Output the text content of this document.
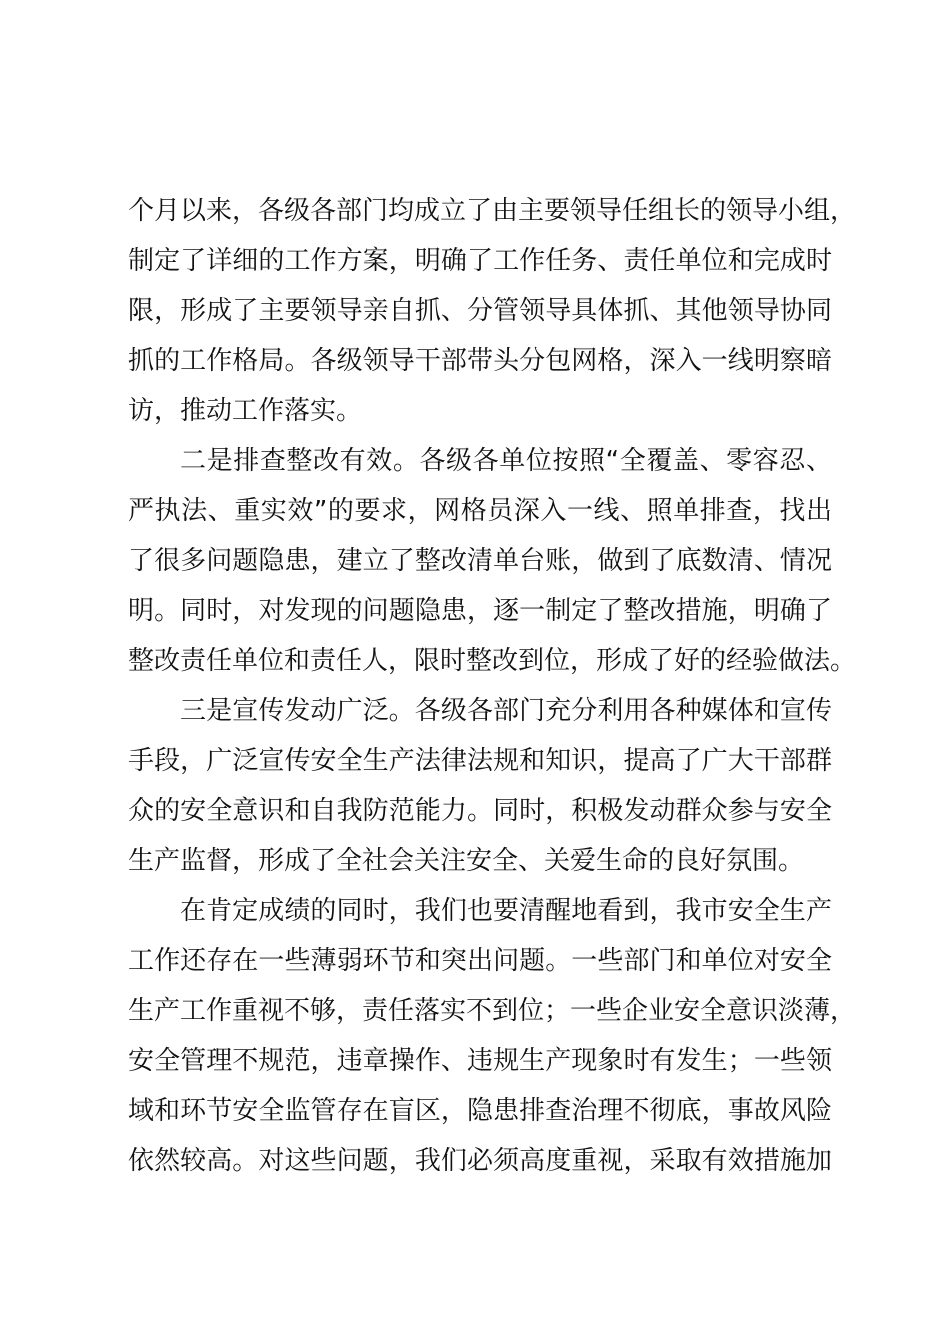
个月以来，各级各部门均成立了由主要领导任组长的领导小组，
制定了详细的工作方案，明确了工作任务、责任单位和完成时
限，形成了主要领导亲自抓、分管领导具体抓、其他领导协同
抓的工作格局。各级领导干部带头分包网格，深入一线明察暗
访，推动工作落实。
二是排查整改有效。各级各单位按照“全覆盖、零容忍、
严执法、重实效”的要求，网格员深入一线、照单排查，找出
了很多问题隐患，建立了整改清单台账，做到了底数清、情况
明。同时，对发现的问题隐患，逐一制定了整改措施，明确了
整改责任单位和责任人，限时整改到位，形成了好的经验做法。
三是宣传发动广泛。各级各部门充分利用各种媒体和宣传
手段，广泛宣传安全生产法律法规和知识，提高了广大干部群
众的安全意识和自我防范能力。同时，积极发动群众参与安全
生产监督，形成了全社会关注安全、关爱生命的良好氛围。
在肯定成绩的同时，我们也要清醒地看到，我市安全生产
工作还存在一些薄弱环节和突出问题。一些部门和单位对安全
生产工作重视不够，责任落实不到位；一些企业安全意识淡薄，
安全管理不规范，违章操作、违规生产现象时有发生；一些领
域和环节安全监管存在盲区，隐患排查治理不彻底，事故风险
依然较高。对这些问题，我们必须高度重视，采取有效措施加
